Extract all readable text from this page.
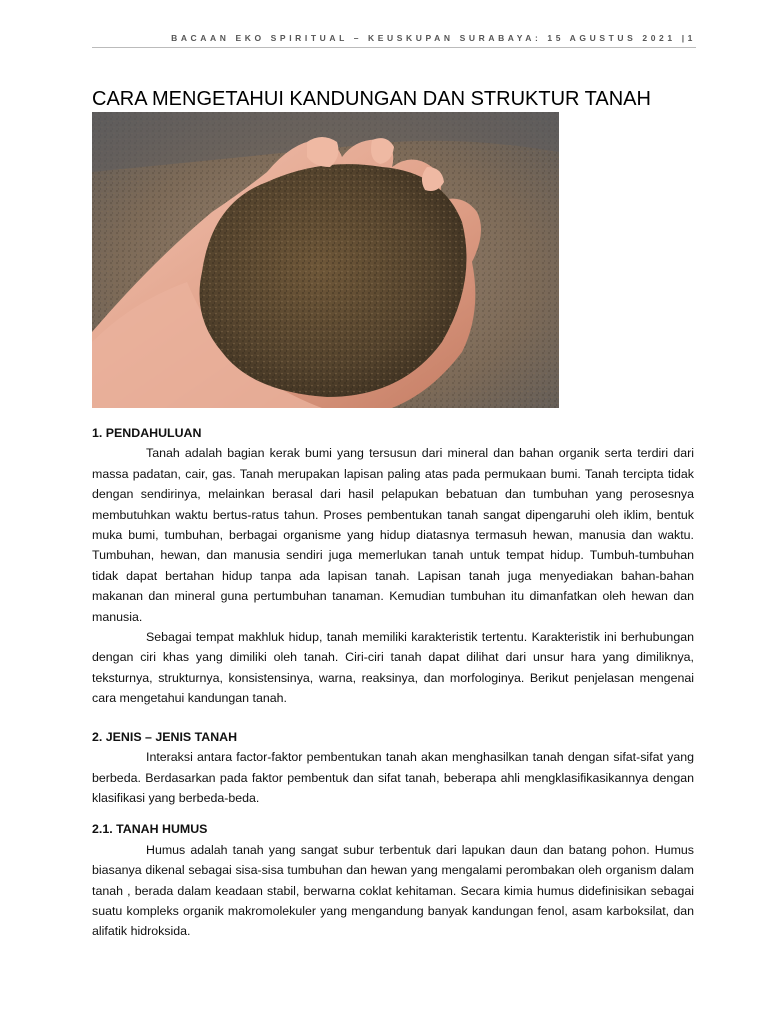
BACAAN EKO SPIRITUAL – KEUSKUPAN SURABAYA: 15 AGUSTUS 2021 |1
CARA MENGETAHUI KANDUNGAN DAN STRUKTUR TANAH
1. PENDAHULUAN

Tanah adalah bagian kerak bumi yang tersusun dari mineral dan bahan organik serta terdiri dari massa padatan, cair, gas. Tanah merupakan lapisan paling atas pada permukaan bumi. Tanah tercipta tidak dengan sendirinya, melainkan berasal dari hasil pelapukan bebatuan dan tumbuhan yang perosesnya membutuhkan waktu bertus-ratus tahun. Proses pembentukan tanah sangat dipengaruhi oleh iklim, bentuk muka bumi, tumbuhan, berbagai organisme yang hidup diatasnya termasuh hewan, manusia dan waktu. Tumbuhan, hewan, dan manusia sendiri juga memerlukan tanah untuk tempat hidup. Tumbuh-tumbuhan tidak dapat bertahan hidup tanpa ada lapisan tanah. Lapisan tanah juga menyediakan bahan-bahan makanan dan mineral guna pertumbuhan tanaman. Kemudian tumbuhan itu dimanfatkan oleh hewan dan manusia.

Sebagai tempat makhluk hidup, tanah memiliki karakteristik tertentu. Karakteristik ini berhubungan dengan ciri khas yang dimiliki oleh tanah. Ciri-ciri tanah dapat dilihat dari unsur hara yang dimiliknya, teksturnya, strukturnya, konsistensinya, warna, reaksinya, dan morfologinya. Berikut penjelasan mengenai cara mengetahui kandungan tanah.

2. JENIS – JENIS TANAH

Interaksi antara factor-faktor pembentukan tanah akan menghasilkan tanah dengan sifat-sifat yang berbeda. Berdasarkan pada faktor pembentuk dan sifat tanah, beberapa ahli mengklasifikasikannya dengan klasifikasi yang berbeda-beda.

2.1. TANAH HUMUS

Humus adalah tanah yang sangat subur terbentuk dari lapukan daun dan batang pohon. Humus biasanya dikenal sebagai sisa-sisa tumbuhan dan hewan yang mengalami perombakan oleh organism dalam tanah , berada dalam keadaan stabil, berwarna coklat kehitaman. Secara kimia humus didefinisikan sebagai suatu kompleks organik makromolekuler yang mengandung banyak kandungan fenol, asam karboksilat, dan alifatik hidroksida.
